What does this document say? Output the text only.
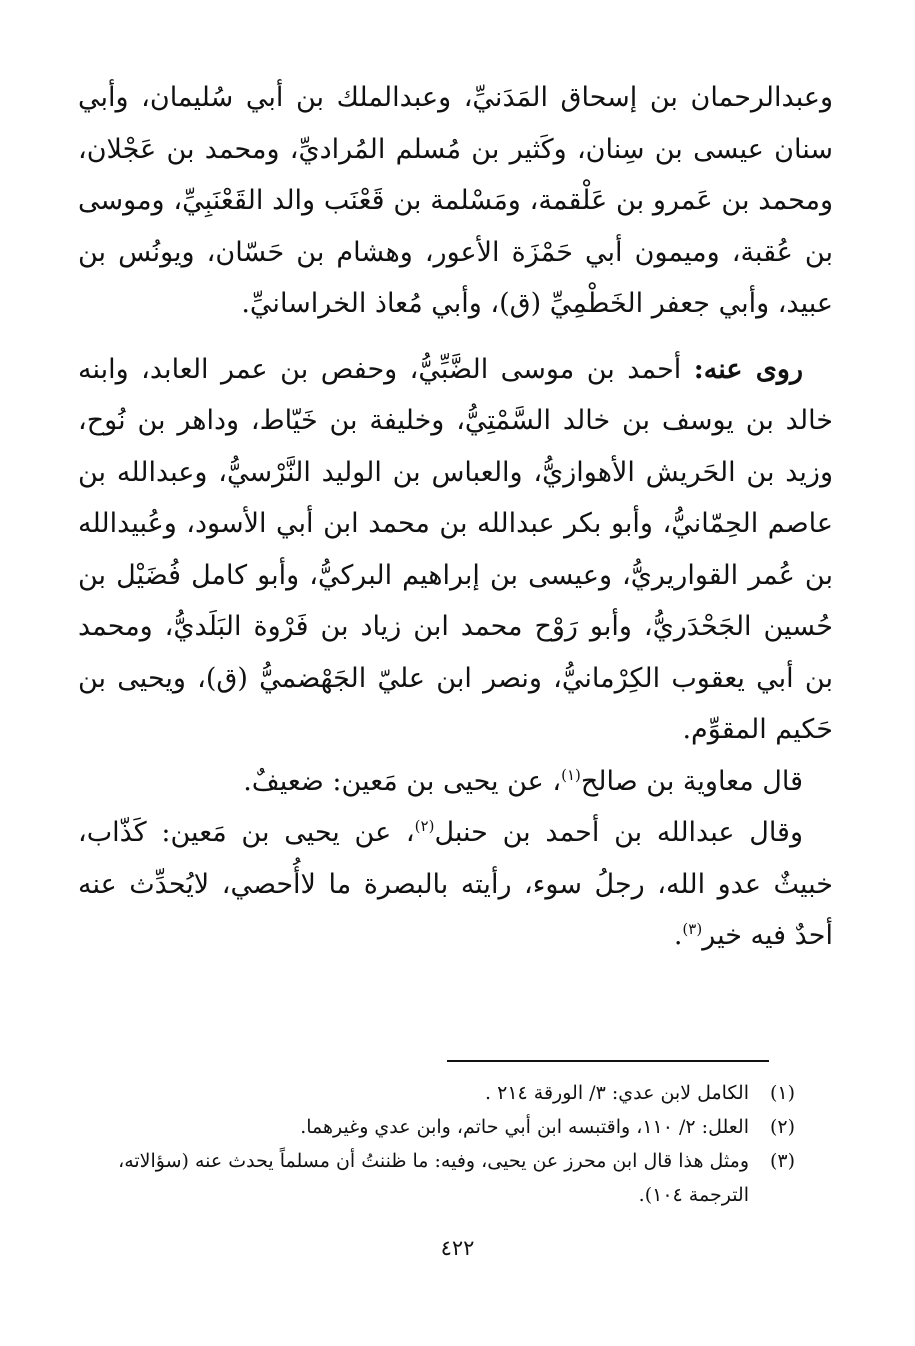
وعبدالرحمان بن إسحاق المَدَنيِّ، وعبدالملك بن أبي سُليمان، وأبي سنان عيسى بن سِنان، وكَثير بن مُسلم المُراديِّ، ومحمد بن عَجْلان، ومحمد بن عَمرو بن عَلْقمة، ومَسْلمة بن قَعْنَب والد القَعْنَبِيِّ، وموسى بن عُقبة، وميمون أبي حَمْزَة الأعور، وهشام بن حَسّان، ويونُس بن عبيد، وأبي جعفر الخَطْمِيِّ (ق)، وأبي مُعاذ الخراسانيِّ.

روى عنه: أحمد بن موسى الضَّبِّيُّ، وحفص بن عمر العابد، وابنه خالد بن يوسف بن خالد السَّمْتِيُّ، وخليفة بن خَيّاط، وداهر بن نُوح، وزيد بن الحَريش الأهوازيُّ، والعباس بن الوليد النَّرْسيُّ، وعبدالله بن عاصم الحِمّانيُّ، وأبو بكر عبدالله بن محمد ابن أبي الأسود، وعُبيدالله بن عُمر القواريريُّ، وعيسى بن إبراهيم البركيُّ، وأبو كامل فُضَيْل بن حُسين الجَحْدَريُّ، وأبو رَوْح محمد ابن زياد بن فَرْوة البَلَديُّ، ومحمد بن أبي يعقوب الكِرْمانيُّ، ونصر ابن عليّ الجَهْضميُّ (ق)، ويحيى بن حَكيم المقوِّم.

قال معاوية بن صالح$^{(١)}$، عن يحيى بن مَعين: ضعيفٌ.

وقال عبدالله بن أحمد بن حنبل$^{(٢)}$، عن يحيى بن مَعين: كَذّاب، خبيثٌ عدو الله، رجلُ سوء، رأيته بالبصرة ما لاأُحصي، لايُحدِّث عنه أحدٌ فيه خير$^{(٣)}$.

(١)
الكامل لابن عدي: ٣/ الورقة ٢١٤ .
(٢)
العلل: ٢/ ١١٠، واقتبسه ابن أبي حاتم، وابن عدي وغيرهما.
(٣)
ومثل هذا قال ابن محرز عن يحيى، وفيه: ما ظننتُ أن مسلماً يحدث عنه (سؤالاته، الترجمة ١٠٤).
٤٢٢
